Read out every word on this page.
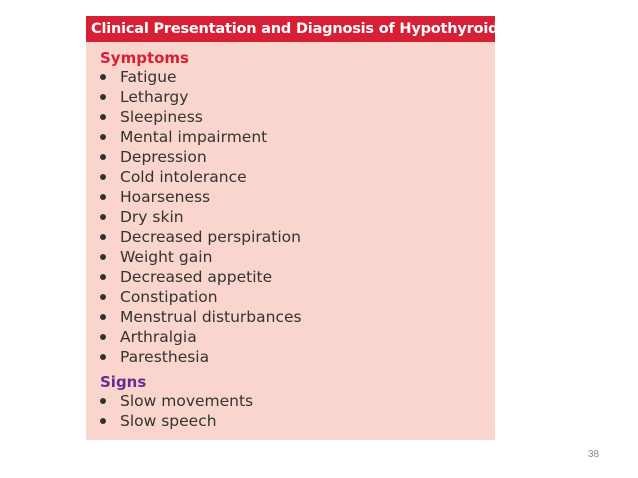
Clinical Presentation and Diagnosis of Hypothyroidism$^1$
Symptoms
Fatigue
Lethargy
Sleepiness
Mental impairment
Depression
Cold intolerance
Hoarseness
Dry skin
Decreased perspiration
Weight gain
Decreased appetite
Constipation
Menstrual disturbances
Arthralgia
Paresthesia
Signs
Slow movements
Slow speech
38
